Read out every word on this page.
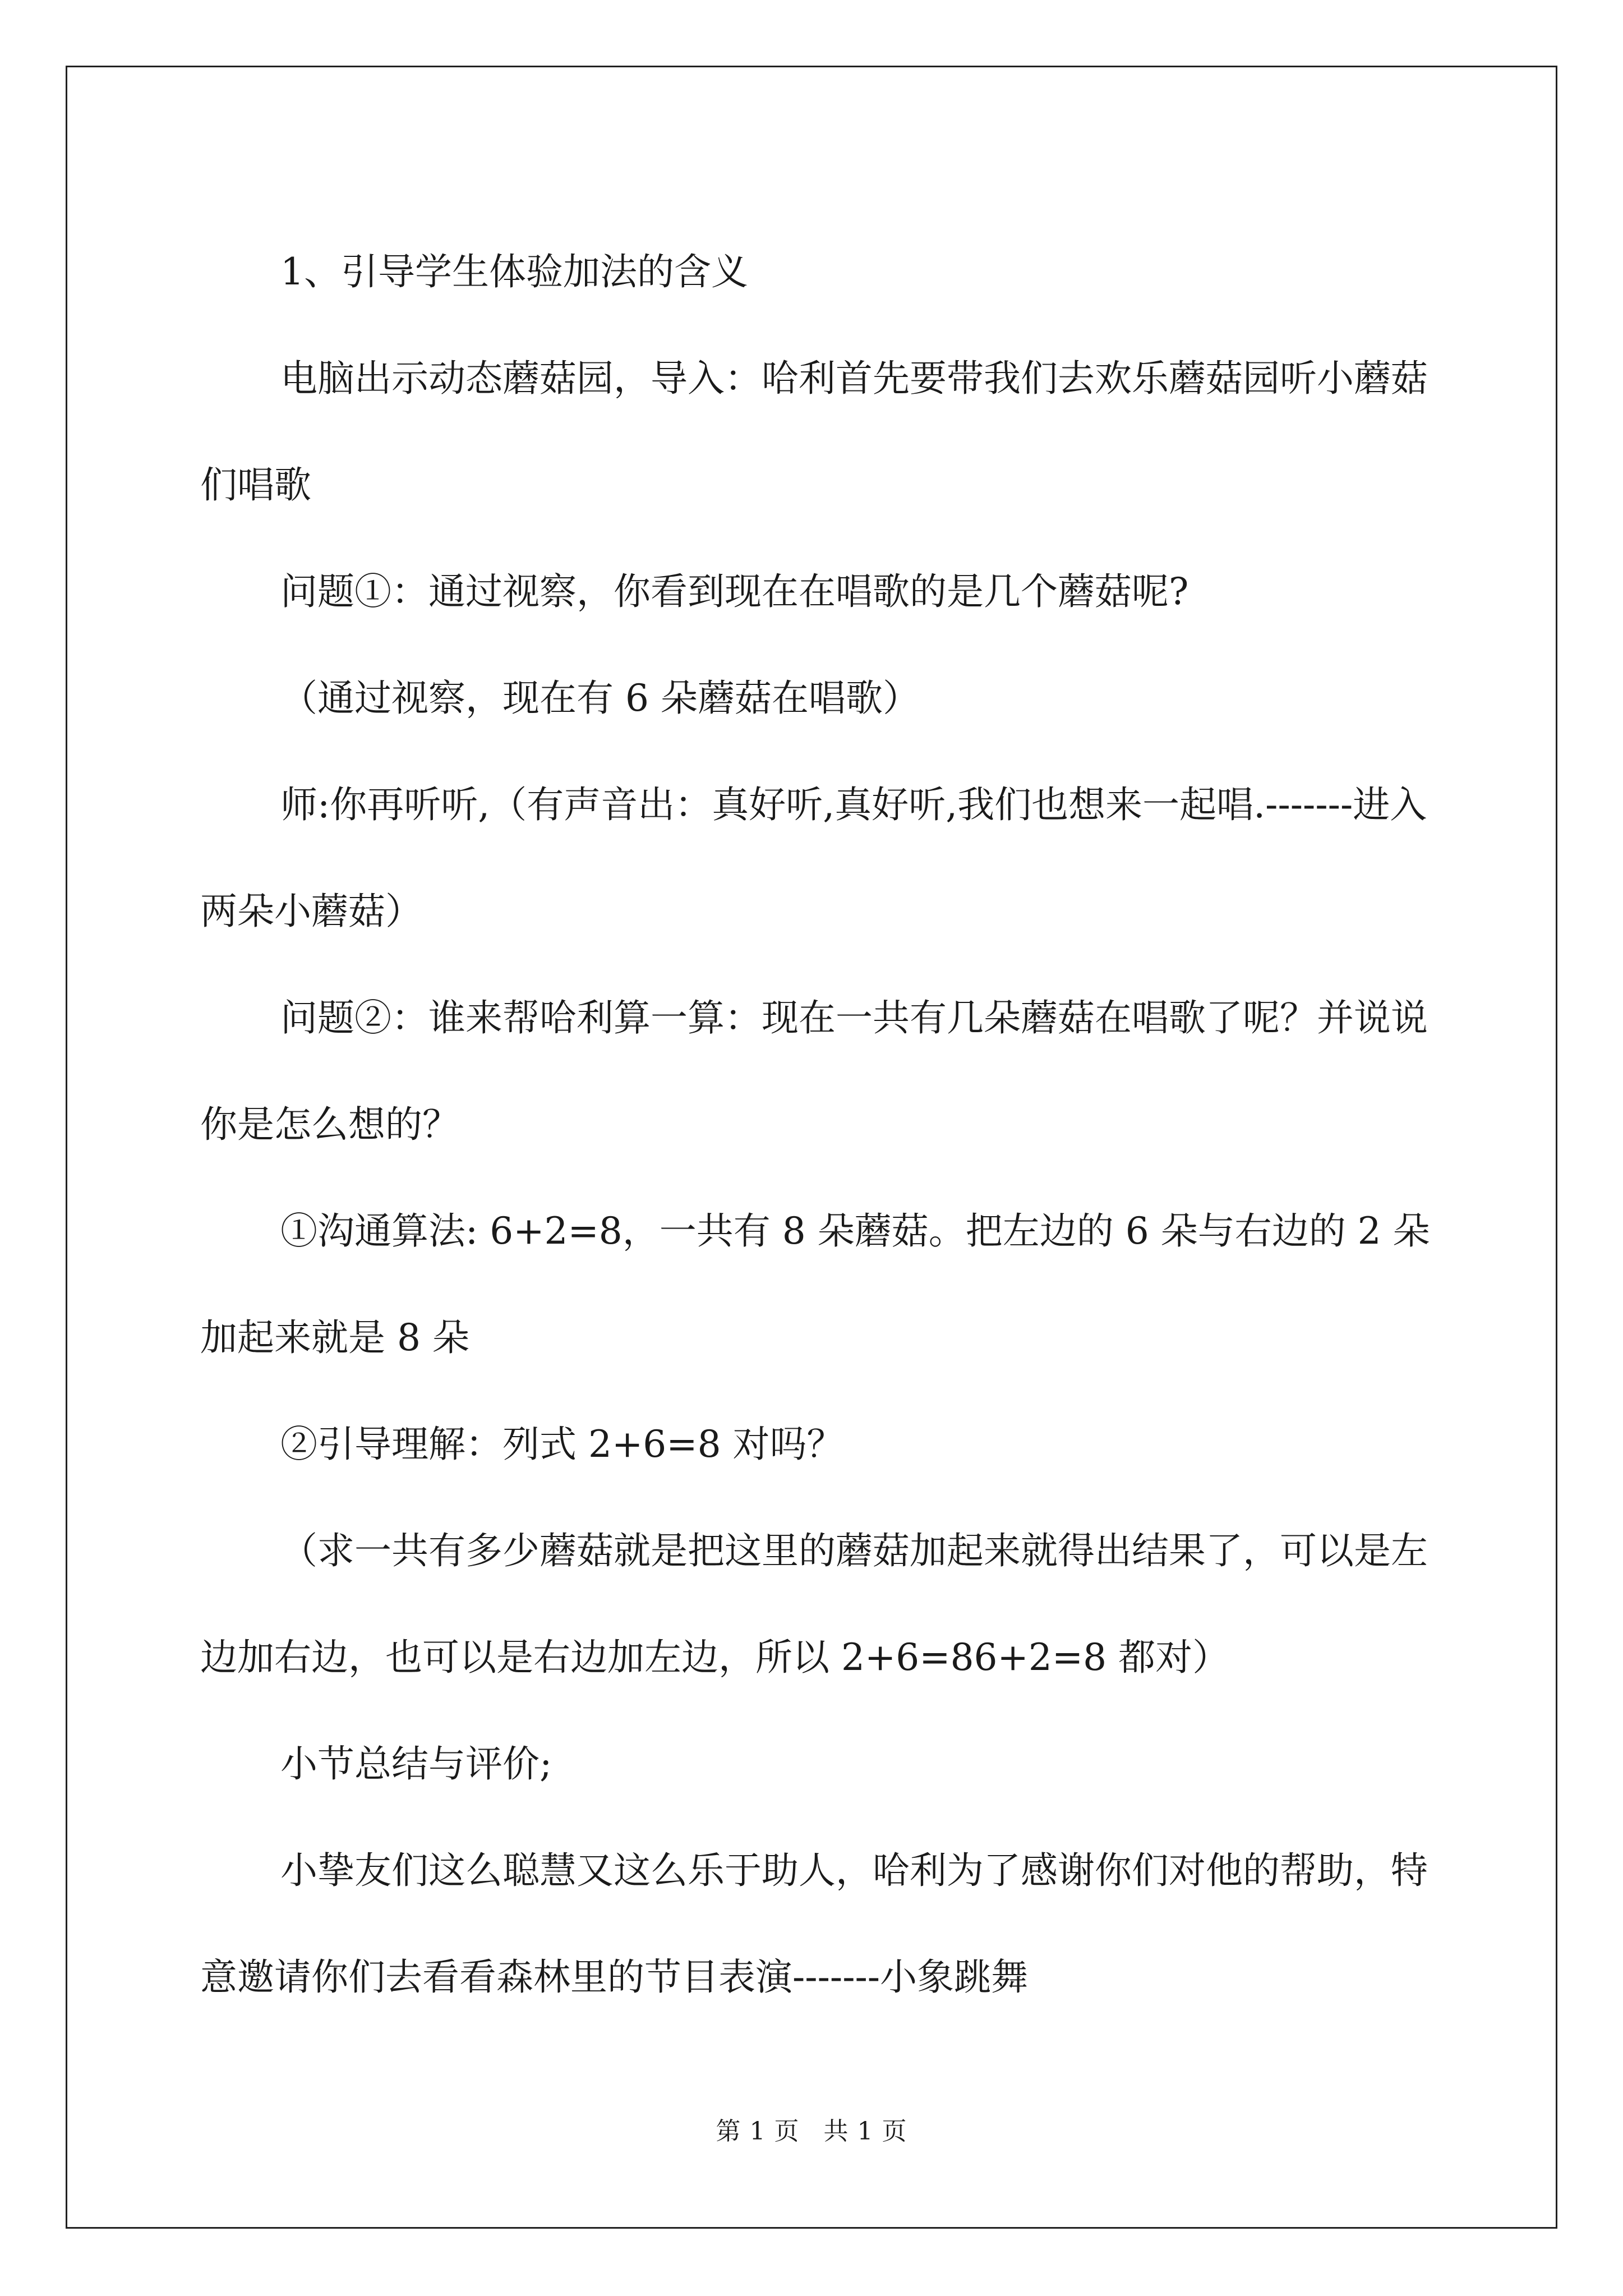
1、引导学生体验加法的含义

电脑出示动态蘑菇园，导入：哈利首先要带我们去欢乐蘑菇园听小蘑菇们唱歌

问题①：通过视察，你看到现在在唱歌的是几个蘑菇呢?

（通过视察，现在有 6 朵蘑菇在唱歌）

师:你再听听,（有声音出：真好听,真好听,我们也想来一起唱.-------进入两朵小蘑菇）

问题②：谁来帮哈利算一算：现在一共有几朵蘑菇在唱歌了呢？并说说你是怎么想的？

①沟通算法: 6+2=8，一共有 8 朵蘑菇。把左边的 6 朵与右边的 2 朵加起来就是 8 朵

②引导理解：列式 2+6=8 对吗？

（求一共有多少蘑菇就是把这里的蘑菇加起来就得出结果了，可以是左边加右边，也可以是右边加左边，所以 2+6=86+2=8 都对）

小节总结与评价;

小挚友们这么聪慧又这么乐于助人，哈利为了感谢你们对他的帮助，特意邀请你们去看看森林里的节目表演-------小象跳舞

第 1 页 共 1 页
